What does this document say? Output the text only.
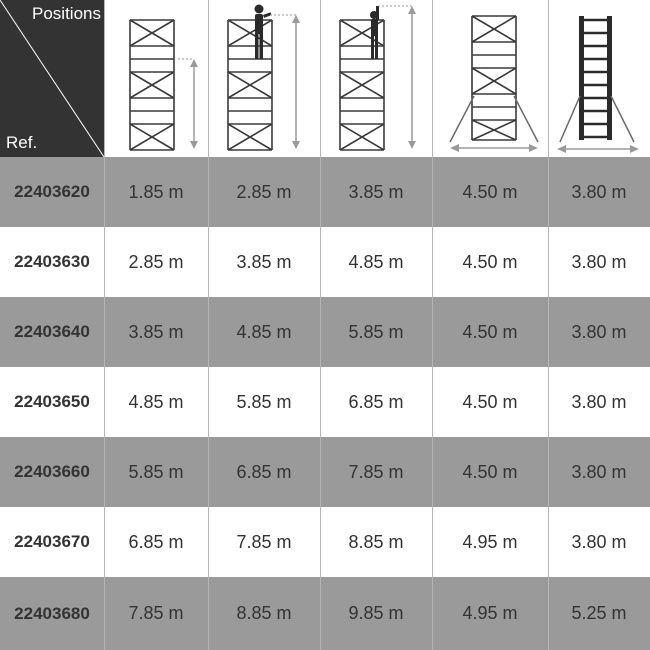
Positions
Ref.
22403620	1.85 m	2.85 m	3.85 m	4.50 m	3.80 m
22403630	2.85 m	3.85 m	4.85 m	4.50 m	3.80 m
22403640	3.85 m	4.85 m	5.85 m	4.50 m	3.80 m
22403650	4.85 m	5.85 m	6.85 m	4.50 m	3.80 m
22403660	5.85 m	6.85 m	7.85 m	4.50 m	3.80 m
22403670	6.85 m	7.85 m	8.85 m	4.95 m	3.80 m
22403680	7.85 m	8.85 m	9.85 m	4.95 m	5.25 m
